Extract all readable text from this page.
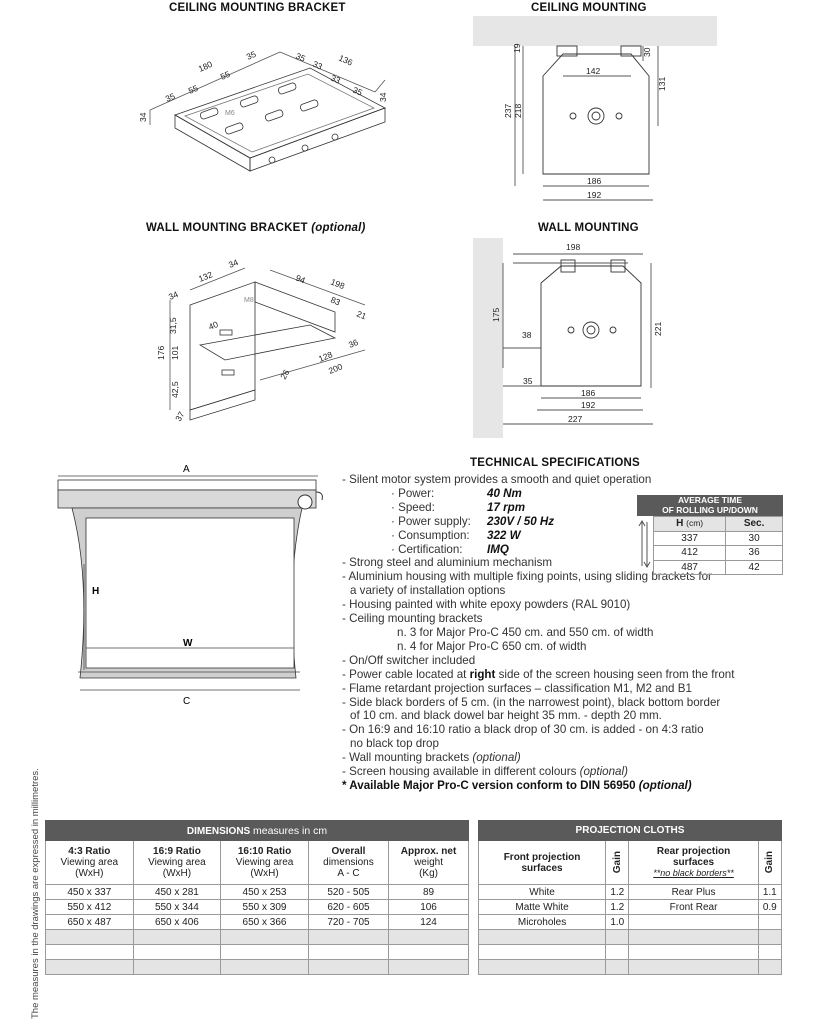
CEILING MOUNTING BRACKET	CEILING MOUNTING
WALL MOUNTING BRACKET (optional)	WALL MOUNTING
180
55
35
55
35	35
33 136
33
35 34
34	M6
19	30
142
131
237 218
186
192
132
34
94	198
83
21
34
31,5	40
176 101
42,5
37
128
36
200
26
M8
198
175
38	221
35
186
192
227
A
H
W
C
TECHNICAL SPECIFICATIONS
- Silent motor system provides a smooth and quiet operation
· Power:	40 Nm
· Speed:	17 rpm
· Power supply:	230V / 50 Hz
· Consumption:	322 W
· Certification:	IMQ
- Strong steel and aluminium mechanism
- Aluminium housing with multiple fixing points, using sliding brackets for
a variety of installation options
- Housing painted with white epoxy powders (RAL 9010)
- Ceiling mounting brackets
n. 3 for Major Pro-C 450 cm. and 550 cm. of width
n. 4 for Major Pro-C 650 cm. of width
- On/Off switcher included
- Power cable located at right side of the screen housing seen from the front
- Flame retardant projection surfaces – classification M1, M2 and B1
- Side black borders of 5 cm. (in the narrowest point), black bottom border
of 10 cm. and black dowel bar height 35 mm. - depth 20 mm.
- On 16:9 and 16:10 ratio a black drop of 30 cm. is added - on 4:3 ratio
no black top drop
- Wall mounting brackets (optional)
- Screen housing available in different colours (optional)
* Available Major Pro-C version conform to DIN 56950 (optional)
AVERAGE TIME
OF ROLLING UP/DOWN
H (cm)	Sec.
337	30
412	36
487	42
The measures in the drawings are expressed in millimetres.	DIMENSIONS measures in cm				

4:3 Ratio
Viewing area
(WxH)	16:9 Ratio
Viewing area
(WxH)	16:10 Ratio
Viewing area
(WxH)	Overall
dimensions
A - C	Approx. net
weight
(Kg)
450 x 337	450 x 281	450 x 253	520 - 505	89
550 x 412	550 x 344	550 x 309	620 - 605	106
650 x 487	650 x 406	650 x 366	720 - 705	124

PROJECTION CLOTHS			

Front projection
surfaces	Gain	Rear projection
surfaces
**no black borders**	Gain

White	1.2	Rear Plus	1.1
Matte White	1.2	Front Rear	0.9
Microholes	1.0		
